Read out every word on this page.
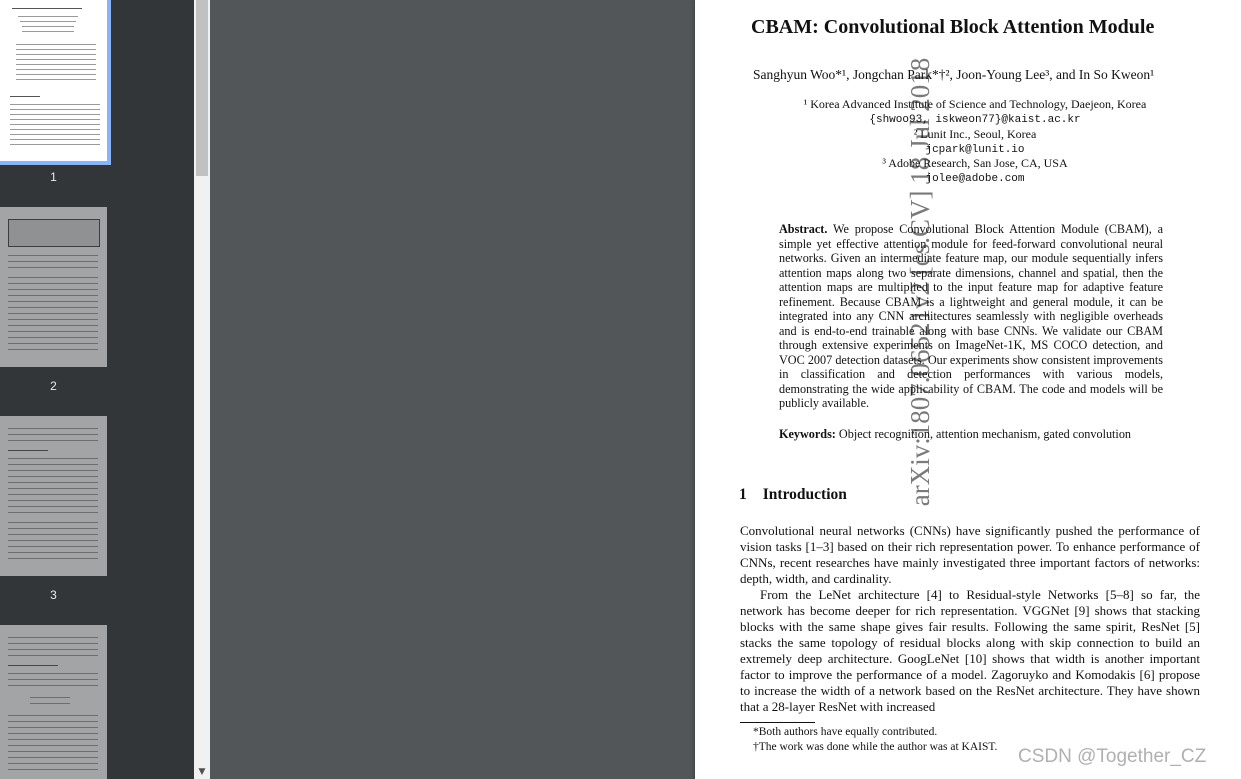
1
2
3
▼
arXiv:1807.06521v2 [cs.CV] 18 Jul 2018
CBAM: Convolutional Block Attention Module
Sanghyun Woo*¹, Jongchan Park*†², Joon-Young Lee³, and In So Kweon¹
¹ Korea Advanced Institute of Science and Technology, Daejeon, Korea
{shwoo93, iskweon77}@kaist.ac.kr
² Lunit Inc., Seoul, Korea
jcpark@lunit.io
³ Adobe Research, San Jose, CA, USA
jolee@adobe.com
Abstract. We propose Convolutional Block Attention Module (CBAM), a simple yet effective attention module for feed-forward convolutional neural networks. Given an intermediate feature map, our module sequentially infers attention maps along two separate dimensions, channel and spatial, then the attention maps are multiplied to the input feature map for adaptive feature refinement. Because CBAM is a lightweight and general module, it can be integrated into any CNN architectures seamlessly with negligible overheads and is end-to-end trainable along with base CNNs. We validate our CBAM through extensive experiments on ImageNet-1K, MS COCO detection, and VOC 2007 detection datasets. Our experiments show consistent improvements in classification and detection performances with various models, demonstrating the wide applicability of CBAM. The code and models will be publicly available.
Keywords: Object recognition, attention mechanism, gated convolution
1 Introduction

Convolutional neural networks (CNNs) have significantly pushed the performance of vision tasks [1–3] based on their rich representation power. To enhance performance of CNNs, recent researches have mainly investigated three important factors of networks: depth, width, and cardinality.

From the LeNet architecture [4] to Residual-style Networks [5–8] so far, the network has become deeper for rich representation. VGGNet [9] shows that stacking blocks with the same shape gives fair results. Following the same spirit, ResNet [5] stacks the same topology of residual blocks along with skip connection to build an extremely deep architecture. GoogLeNet [10] shows that width is another important factor to improve the performance of a model. Zagoruyko and Komodakis [6] propose to increase the width of a network based on the ResNet architecture. They have shown that a 28-layer ResNet with increased

*Both authors have equally contributed.
†The work was done while the author was at KAIST. CSDN @Together_CZ
